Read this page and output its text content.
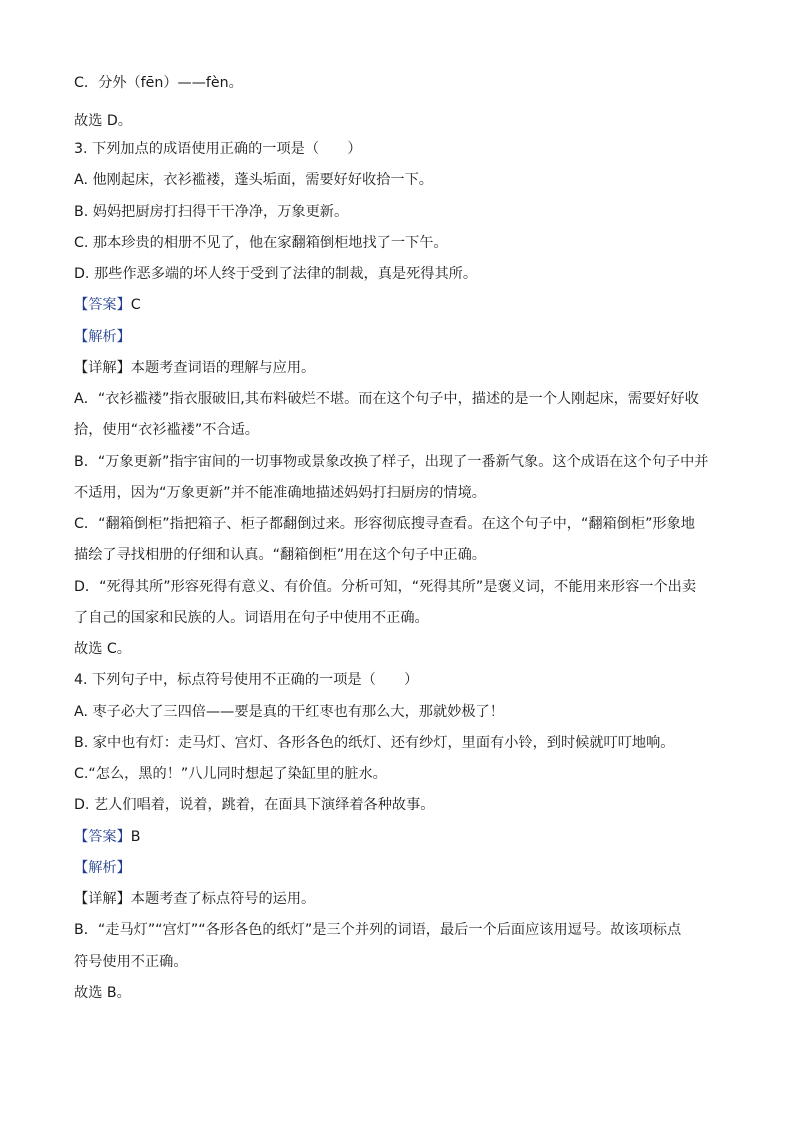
C．分外（fēn）——fèn。
故选 D。
3. 下列加点的成语使用正确的一项是（　　）
A. 他刚起床，衣衫褴褛，蓬头垢面，需要好好收拾一下。
B. 妈妈把厨房打扫得干干净净，万象更新。
C. 那本珍贵的相册不见了，他在家翻箱倒柜地找了一下午。
D. 那些作恶多端的坏人终于受到了法律的制裁，真是死得其所。
【答案】C
【解析】
【详解】本题考查词语的理解与应用。
A．“衣衫褴褛”指衣服破旧,其布料破烂不堪。而在这个句子中，描述的是一个人刚起床，需要好好收
拾，使用“衣衫褴褛”不合适。
B．“万象更新”指宇宙间的一切事物或景象改换了样子，出现了一番新气象。这个成语在这个句子中并
不适用，因为“万象更新”并不能准确地描述妈妈打扫厨房的情境。
C．“翻箱倒柜”指把箱子、柜子都翻倒过来。形容彻底搜寻查看。在这个句子中，“翻箱倒柜”形象地
描绘了寻找相册的仔细和认真。“翻箱倒柜”用在这个句子中正确。
D．“死得其所”形容死得有意义、有价值。分析可知，“死得其所”是褒义词，不能用来形容一个出卖
了自己的国家和民族的人。词语用在句子中使用不正确。
故选 C。
4. 下列句子中，标点符号使用不正确的一项是（　　）
A. 枣子必大了三四倍——要是真的干红枣也有那么大，那就妙极了！
B. 家中也有灯：走马灯、宫灯、各形各色的纸灯、还有纱灯，里面有小铃，到时候就叮叮地响。
C.“怎么，黑的！”八儿同时想起了染缸里的脏水。
D. 艺人们唱着，说着，跳着，在面具下演绎着各种故事。
【答案】B
【解析】
【详解】本题考查了标点符号的运用。
B．“走马灯”“宫灯”“各形各色的纸灯”是三个并列的词语，最后一个后面应该用逗号。故该项标点
符号使用不正确。
故选 B。
